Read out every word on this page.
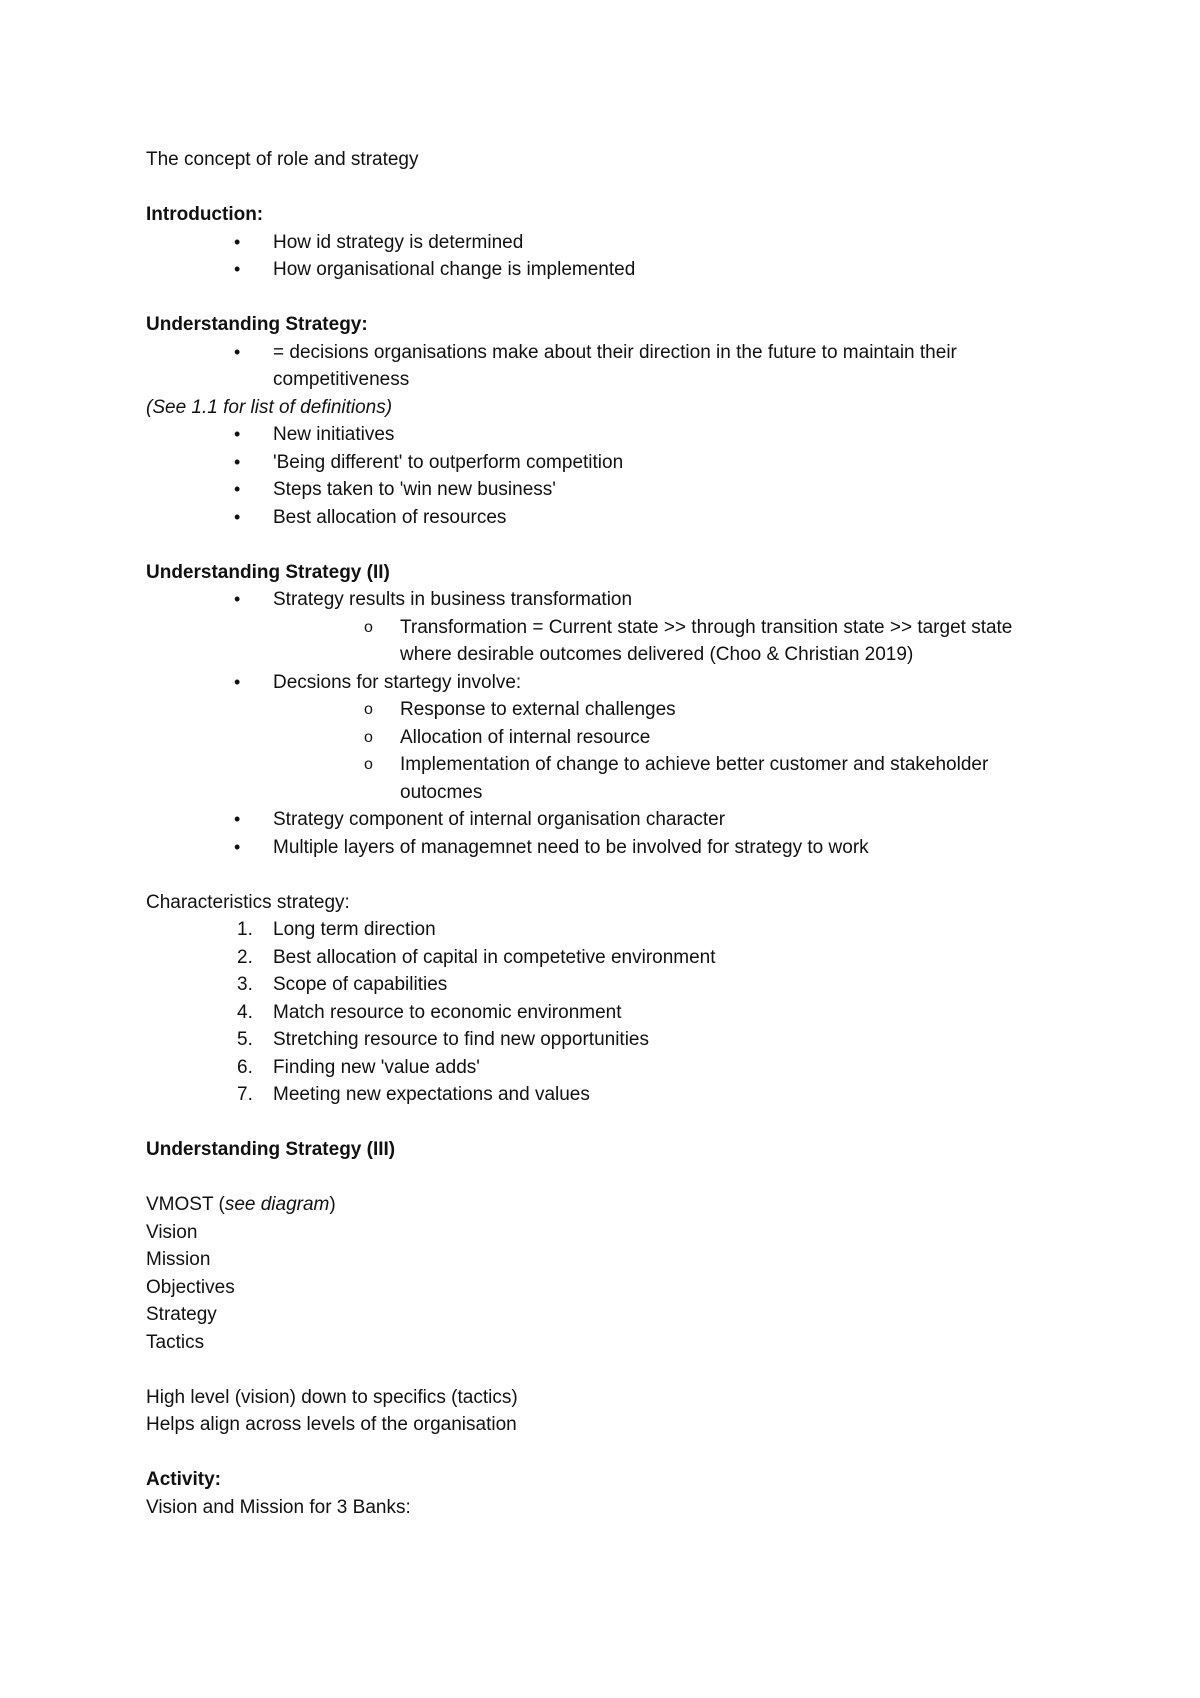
The concept of role and strategy
Introduction:
• How id strategy is determined
• How organisational change is implemented
Understanding Strategy:
• = decisions organisations make about their direction in the future to maintain their
competitiveness
(See 1.1 for list of definitions)
• New initiatives
• 'Being different' to outperform competition
• Steps taken to 'win new business'
• Best allocation of resources
Understanding Strategy (II)
• Strategy results in business transformation
o Transformation = Current state >> through transition state >> target state
where desirable outcomes delivered (Choo & Christian 2019)
• Decsions for startegy involve:
o Response to external challenges
o Allocation of internal resource
o Implementation of change to achieve better customer and stakeholder
outocmes
• Strategy component of internal organisation character
• Multiple layers of managemnet need to be involved for strategy to work
Characteristics strategy:
1.	Long term direction
2.	Best allocation of capital in competetive environment
3.	Scope of capabilities
4.	Match resource to economic environment
5.	Stretching resource to find new opportunities
6.	Finding new 'value adds'
7.	Meeting new expectations and values
Understanding Strategy (III)
VMOST (see diagram)
Vision
Mission
Objectives
Strategy
Tactics
High level (vision) down to specifics (tactics)
Helps align across levels of the organisation
Activity:
Vision and Mission for 3 Banks:
